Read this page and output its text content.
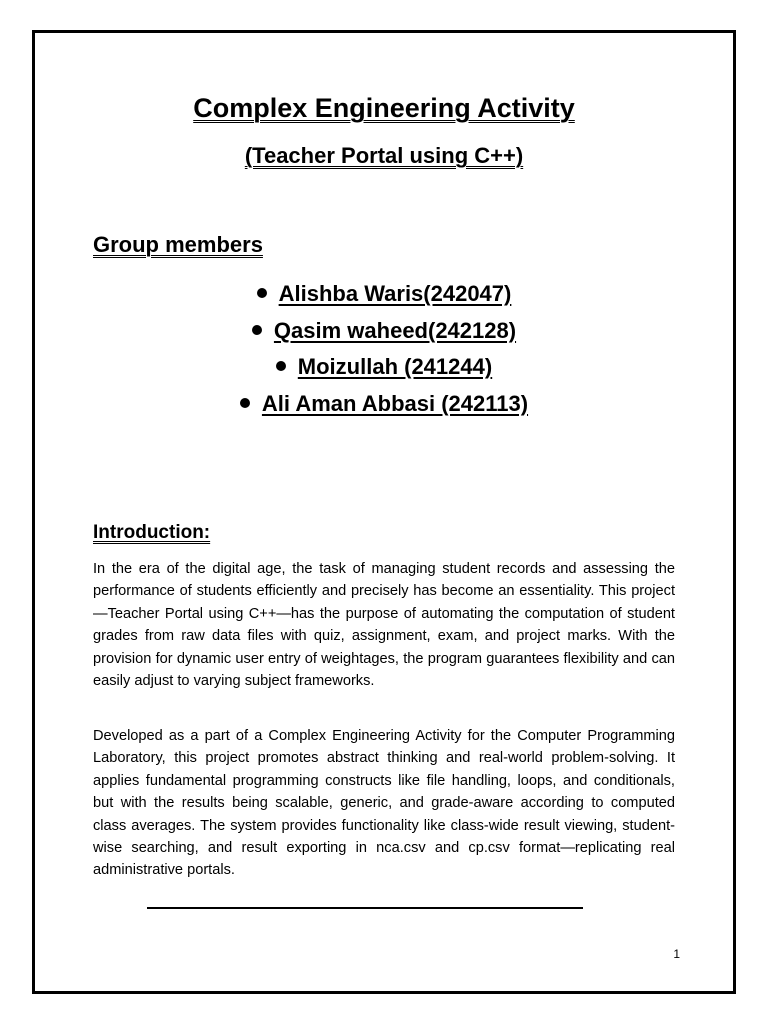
Complex Engineering Activity
(Teacher Portal using C++)
Group members
Alishba Waris(242047)
Qasim waheed(242128)
Moizullah (241244)
Ali Aman Abbasi (242113)
Introduction:

In the era of the digital age, the task of managing student records and assessing the performance of students efficiently and precisely has become an essentiality. This project—Teacher Portal using C++—has the purpose of automating the computation of student grades from raw data files with quiz, assignment, exam, and project marks. With the provision for dynamic user entry of weightages, the program guarantees flexibility and can easily adjust to varying subject frameworks.

Developed as a part of a Complex Engineering Activity for the Computer Programming Laboratory, this project promotes abstract thinking and real-world problem-solving. It applies fundamental programming constructs like file handling, loops, and conditionals, but with the results being scalable, generic, and grade-aware according to computed class averages. The system provides functionality like class-wide result viewing, student-wise searching, and result exporting in nca.csv and cp.csv format—replicating real administrative portals.

1
